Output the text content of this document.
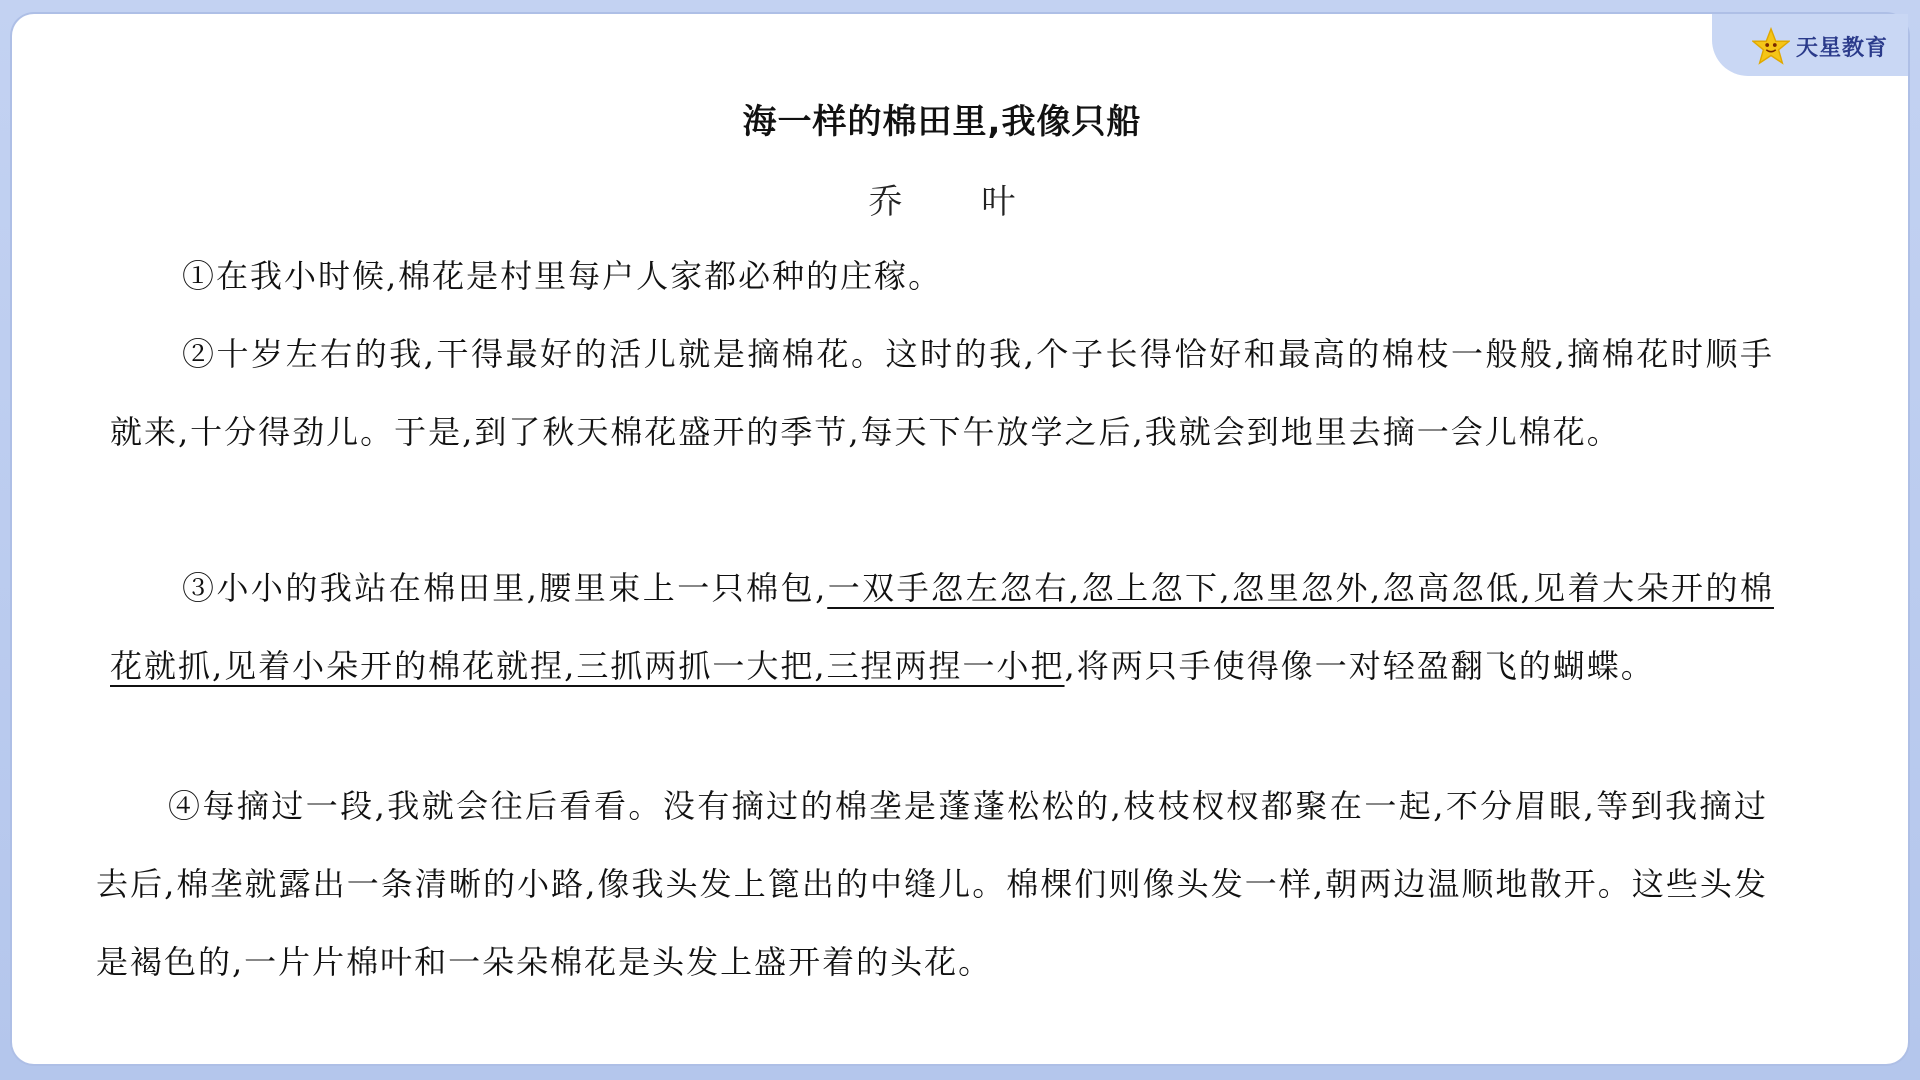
天星教育
海一样的棉田里,我像只船
乔 叶

①在我小时候,棉花是村里每户人家都必种的庄稼。

②十岁左右的我,干得最好的活儿就是摘棉花。这时的我,个子长得恰好和最高的棉枝一般般,摘棉花时顺手就来,十分得劲儿。于是,到了秋天棉花盛开的季节,每天下午放学之后,我就会到地里去摘一会儿棉花。

③小小的我站在棉田里,腰里束上一只棉包,一双手忽左忽右,忽上忽下,忽里忽外,忽高忽低,见着大朵开的棉花就抓,见着小朵开的棉花就捏,三抓两抓一大把,三捏两捏一小把,将两只手使得像一对轻盈翻飞的蝴蝶。

④每摘过一段,我就会往后看看。没有摘过的棉垄是蓬蓬松松的,枝枝杈杈都聚在一起,不分眉眼,等到我摘过去后,棉垄就露出一条清晰的小路,像我头发上篦出的中缝儿。棉棵们则像头发一样,朝两边温顺地散开。这些头发是褐色的,一片片棉叶和一朵朵棉花是头发上盛开着的头花。
